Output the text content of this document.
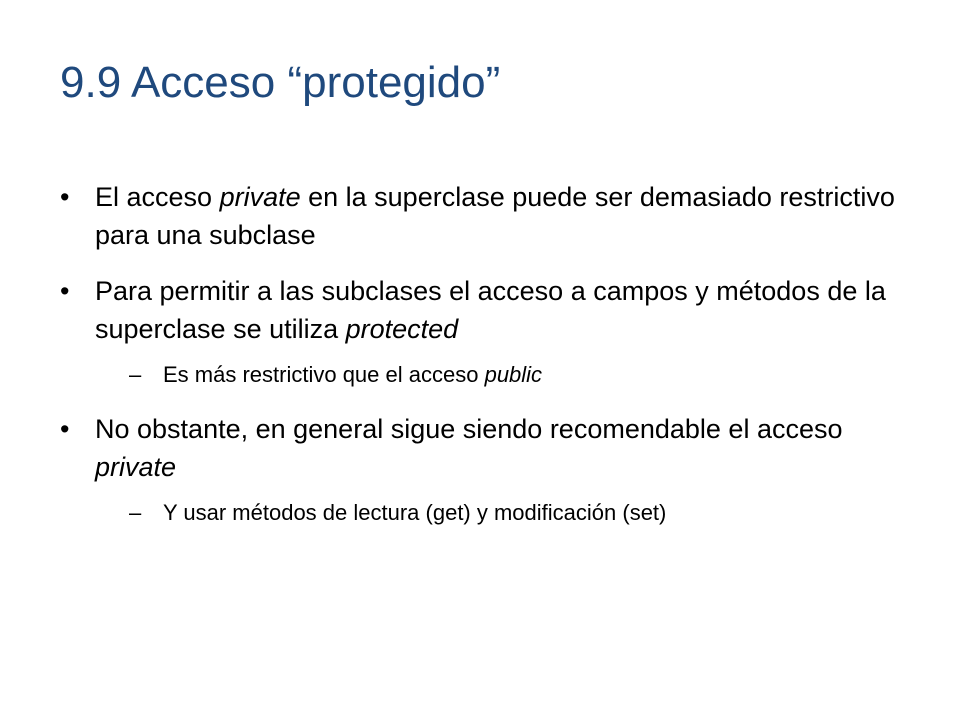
9.9 Acceso “protegido”
• El acceso private en la superclase puede ser demasiado restrictivo para una subclase
• Para permitir a las subclases el acceso a campos y métodos de la superclase se utiliza protected
– Es más restrictivo que el acceso public
• No obstante, en general sigue siendo recomendable el acceso private
– Y usar métodos de lectura (get) y modificación (set)
